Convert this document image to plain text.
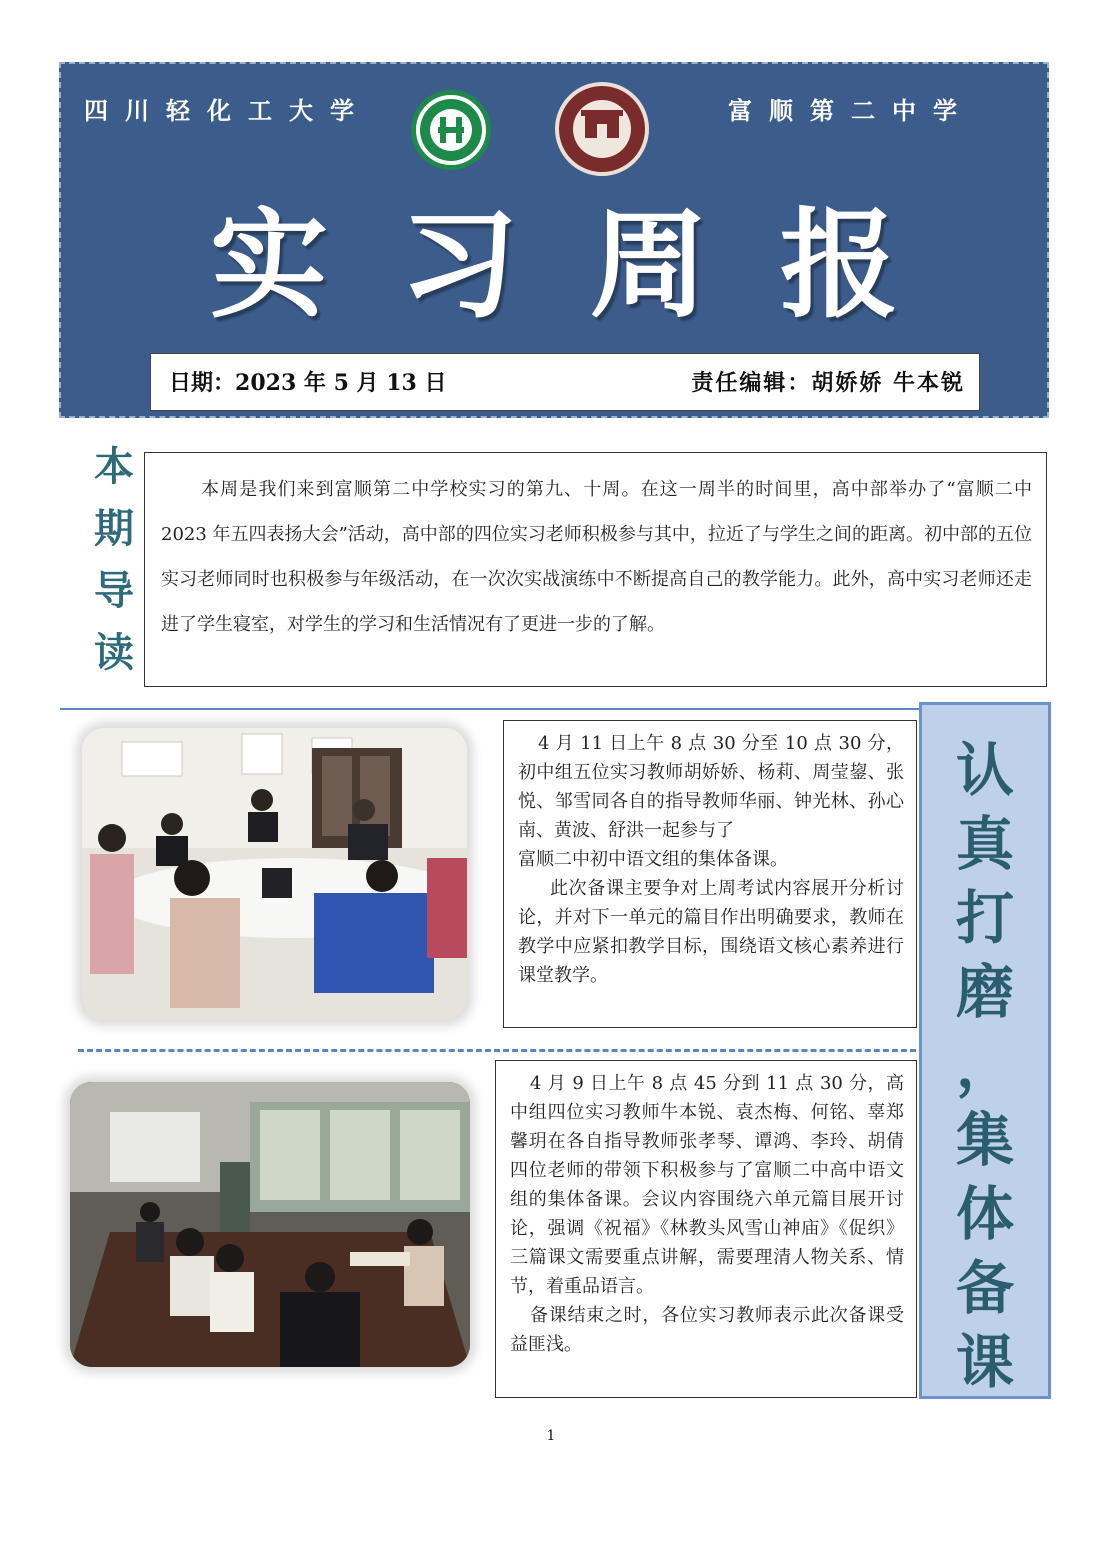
四川轻化工大学	富顺第二中学
实习周报
日期：2023 年 5 月 13 日	责任编辑：胡娇娇 牛本锐
本
期
导
读

本周是我们来到富顺第二中学校实习的第九、十周。在这一周半的时间里，高中部举办了“富顺二中 2023 年五四表扬大会”活动，高中部的四位实习老师积极参与其中，拉近了与学生之间的距离。初中部的五位实习老师同时也积极参与年级活动，在一次次实战演练中不断提高自己的教学能力。此外，高中实习老师还走进了学生寝室，对学生的学习和生活情况有了更进一步的了解。

4 月 11 日上午 8 点 30 分至 10 点 30 分，初中组五位实习教师胡娇娇、杨莉、周莹鋆、张悦、邹雪同各自的指导教师华丽、钟光林、孙心南、黄波、舒洪一起参与了

富顺二中初中语文组的集体备课。

此次备课主要争对上周考试内容展开分析讨论，并对下一单元的篇目作出明确要求，教师在教学中应紧扣教学目标，围绕语文核心素养进行课堂教学。

4 月 9 日上午 8 点 45 分到 11 点 30 分，高中组四位实习教师牛本锐、袁杰梅、何铭、辜郑馨玥在各自指导教师张孝琴、谭鸿、李玲、胡倩四位老师的带领下积极参与了富顺二中高中语文组的集体备课。会议内容围绕六单元篇目展开讨论，强调《祝福》《林教头风雪山神庙》《促织》三篇课文需要重点讲解，需要理清人物关系、情节，着重品语言。

备课结束之时，各位实习教师表示此次备课受益匪浅。

认
真
打
磨
，
集
体
备
课
1
